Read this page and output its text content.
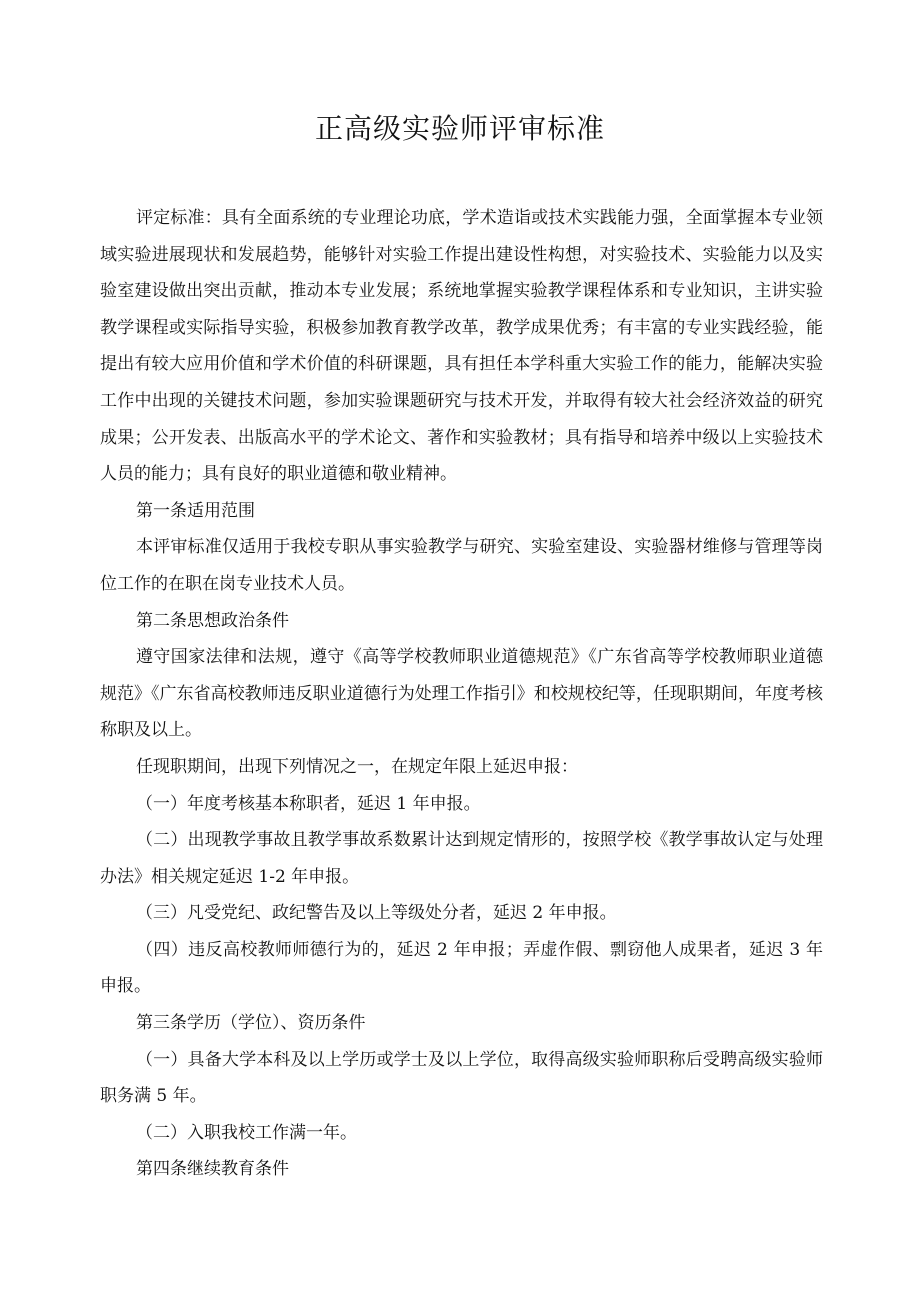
正高级实验师评审标准

评定标准：具有全面系统的专业理论功底，学术造诣或技术实践能力强，全面掌握本专业领域实验进展现状和发展趋势，能够针对实验工作提出建设性构想，对实验技术、实验能力以及实验室建设做出突出贡献，推动本专业发展；系统地掌握实验教学课程体系和专业知识，主讲实验教学课程或实际指导实验，积极参加教育教学改革，教学成果优秀；有丰富的专业实践经验，能提出有较大应用价值和学术价值的科研课题，具有担任本学科重大实验工作的能力，能解决实验工作中出现的关键技术问题，参加实验课题研究与技术开发，并取得有较大社会经济效益的研究成果；公开发表、出版高水平的学术论文、著作和实验教材；具有指导和培养中级以上实验技术人员的能力；具有良好的职业道德和敬业精神。

第一条适用范围

本评审标准仅适用于我校专职从事实验教学与研究、实验室建设、实验器材维修与管理等岗位工作的在职在岗专业技术人员。

第二条思想政治条件

遵守国家法律和法规，遵守《高等学校教师职业道德规范》《广东省高等学校教师职业道德规范》《广东省高校教师违反职业道德行为处理工作指引》和校规校纪等，任现职期间，年度考核称职及以上。

任现职期间，出现下列情况之一，在规定年限上延迟申报：

（一）年度考核基本称职者，延迟 1 年申报。

（二）出现教学事故且教学事故系数累计达到规定情形的，按照学校《教学事故认定与处理办法》相关规定延迟 1-2 年申报。

（三）凡受党纪、政纪警告及以上等级处分者，延迟 2 年申报。

（四）违反高校教师师德行为的，延迟 2 年申报；弄虚作假、剽窃他人成果者，延迟 3 年申报。

第三条学历（学位）、资历条件

（一）具备大学本科及以上学历或学士及以上学位，取得高级实验师职称后受聘高级实验师职务满 5 年。

（二）入职我校工作满一年。

第四条继续教育条件
